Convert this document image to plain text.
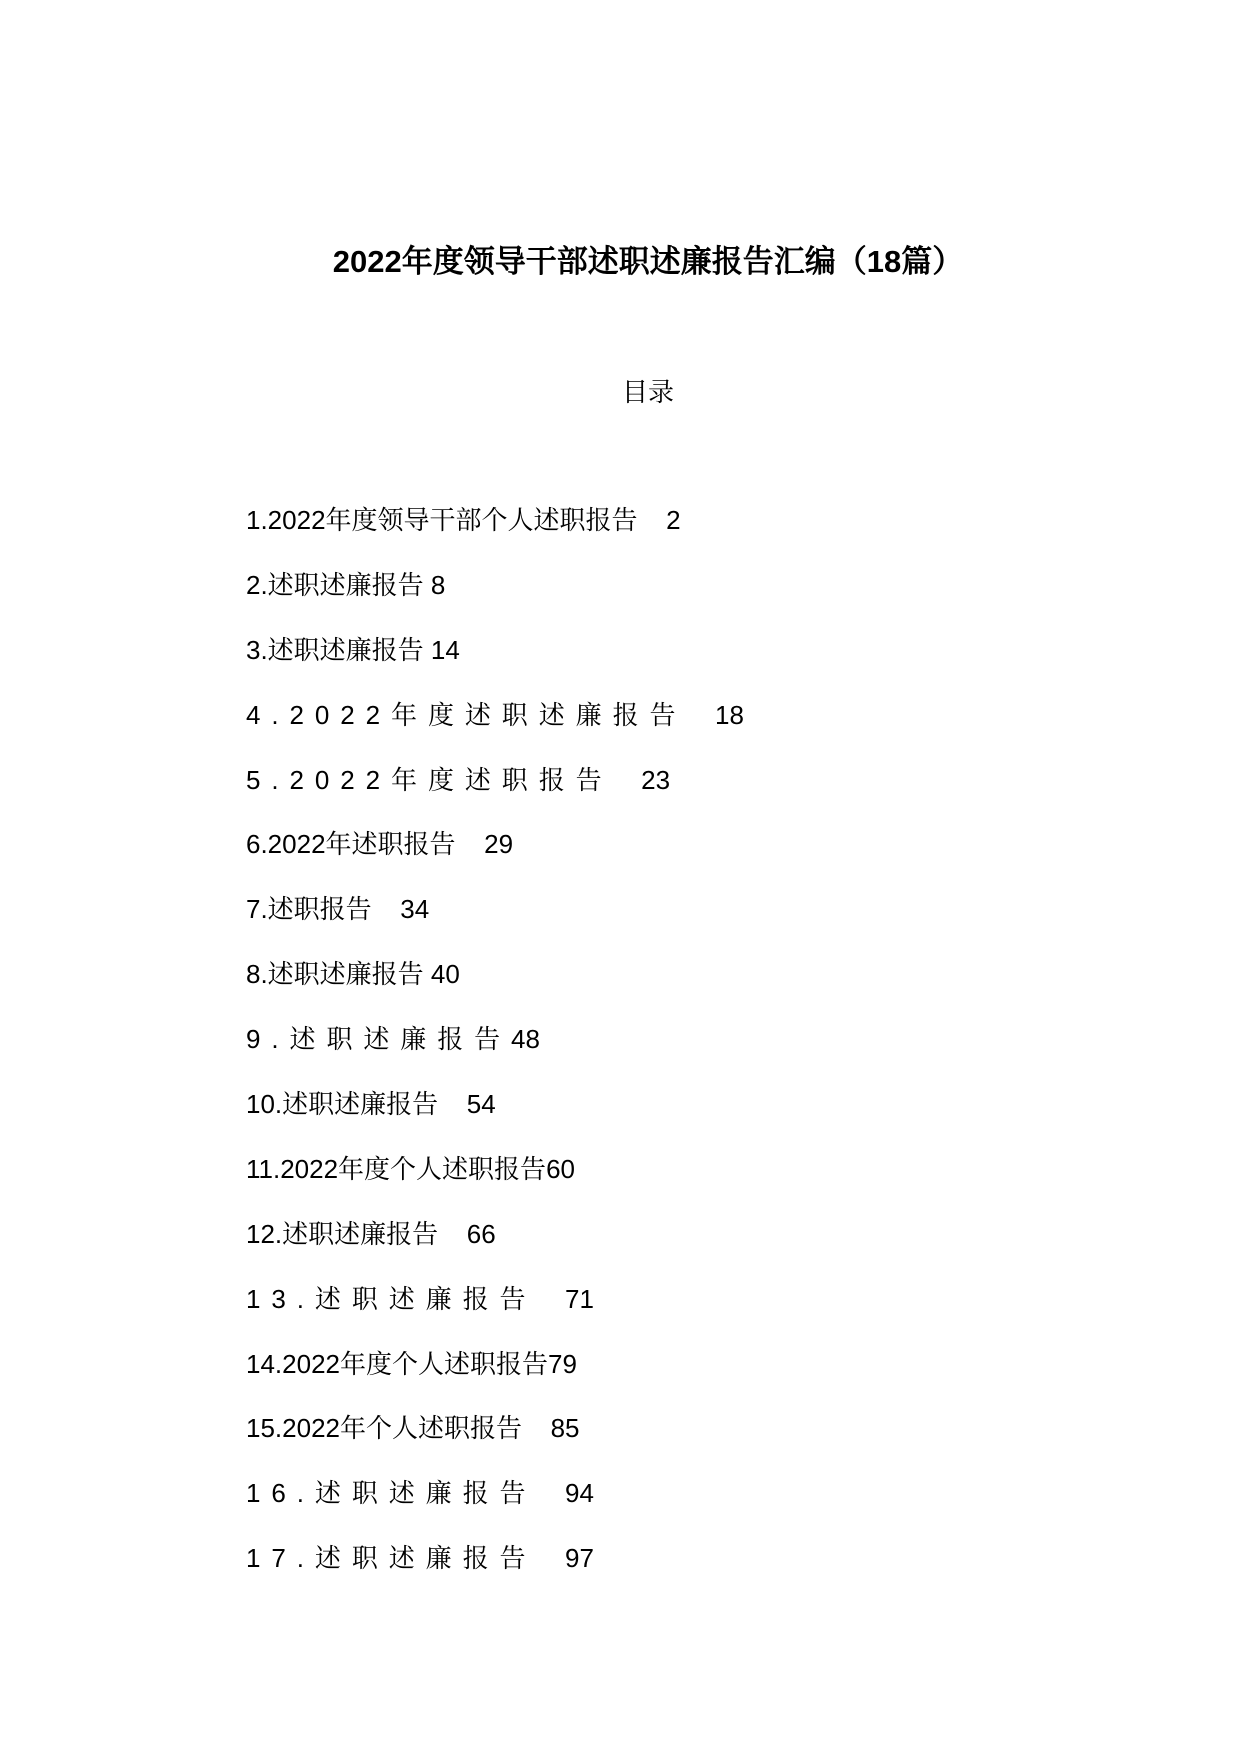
2022年度领导干部述职述廉报告汇编（18篇）
目录
1.2022年度领导干部个人述职报告 2
2.述职述廉报告 8
3.述职述廉报告 14
4.2022年度述职述廉报告 18
5.2022年度述职报告 23
6.2022年述职报告 29
7.述职报告 34
8.述职述廉报告 40
9.述职述廉报告48
10.述职述廉报告 54
11.2022年度个人述职报告60
12.述职述廉报告 66
13.述职述廉报告 71
14.2022年度个人述职报告79
15.2022年个人述职报告 85
16.述职述廉报告 94
17.述职述廉报告 97
